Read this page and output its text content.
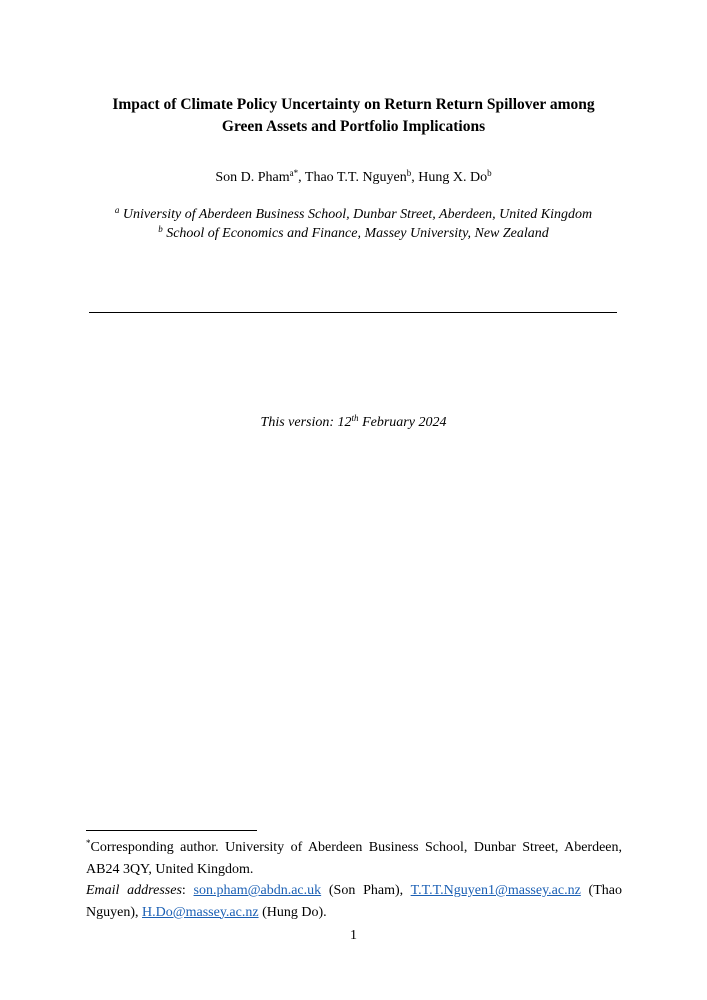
Impact of Climate Policy Uncertainty on Return Return Spillover among
Green Assets and Portfolio Implications
Son D. Pham$^{a*}$, Thao T.T. Nguyen$^b$, Hung X. Do$^b$
$^a$ University of Aberdeen Business School, Dunbar Street, Aberdeen, United Kingdom
$^b$ School of Economics and Finance, Massey University, New Zealand
This version: 12th February 2024

*Corresponding author. University of Aberdeen Business School, Dunbar Street, Aberdeen, AB24 3QY, United Kingdom.

Email addresses: son.pham@abdn.ac.uk (Son Pham), T.T.T.Nguyen1@massey.ac.nz (Thao Nguyen), H.Do@massey.ac.nz (Hung Do).

1
